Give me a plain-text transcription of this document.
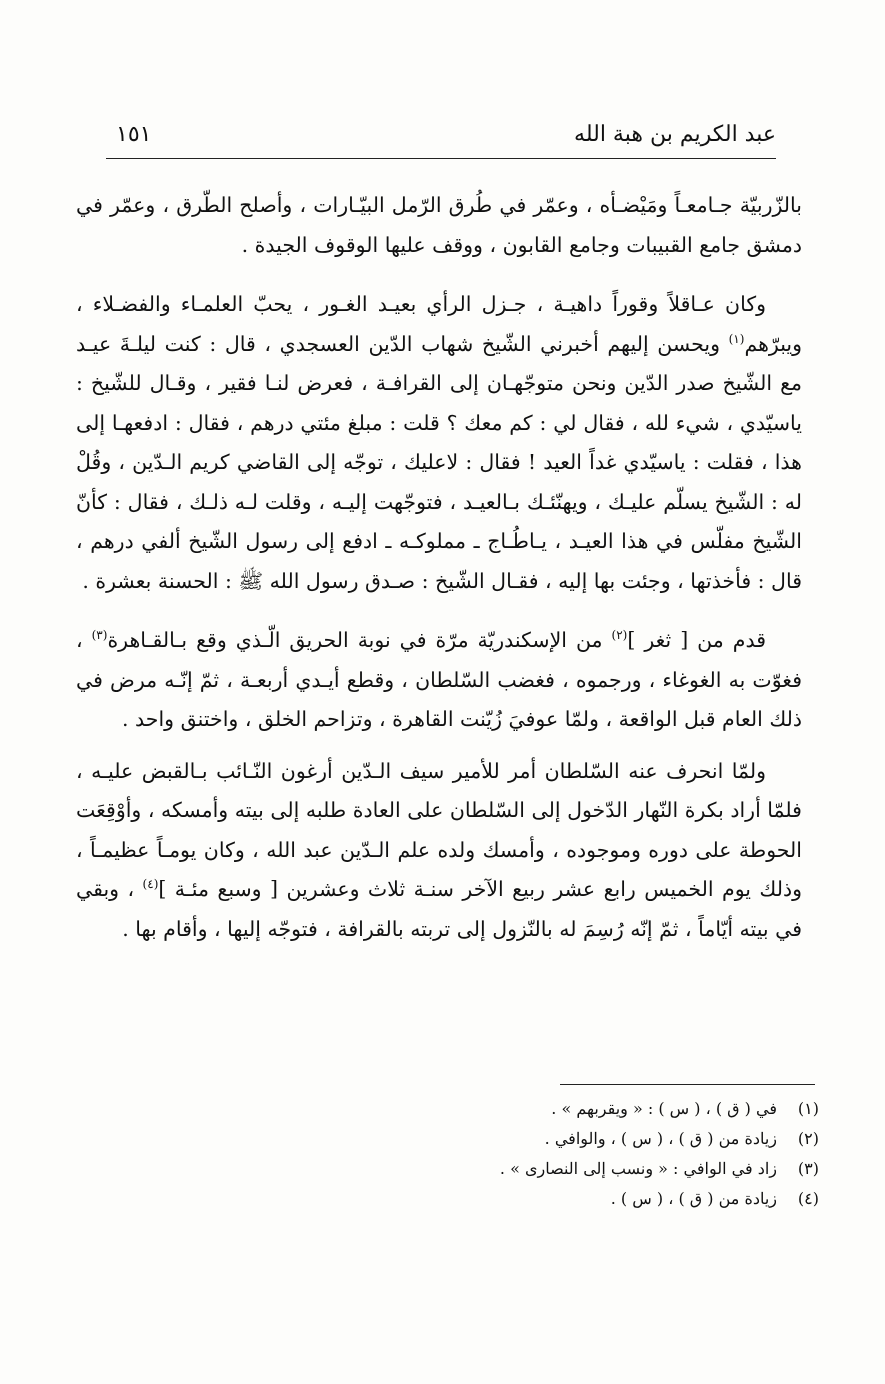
عبد الكريم بن هبة الله
١٥١

بالزّربيّة جـامعـاً ومَيْضـأه ، وعمّر في طُرق الرّمل البيّـارات ، وأصلح الطّرق ، وعمّر في دمشق جامع القبيبات وجامع القابون ، ووقف عليها الوقوف الجيدة .

وكان عـاقلاً وقوراً داهيـة ، جـزل الرأي بعيـد الغـور ، يحبّ العلمـاء والفضـلاء ، ويبرّهم$^{(١)}$ ويحسن إليهم أخبرني الشّيخ شهاب الدّين العسجدي ، قال : كنت ليلـةَ عيـد مع الشّيخ صدر الدّين ونحن متوجّهـان إلى القرافـة ، فعرض لنـا فقير ، وقـال للشّيخ : ياسيّدي ، شيء لله ، فقال لي : كم معك ؟ قلت : مبلغ مئتي درهم ، فقال : ادفعهـا إلى هذا ، فقلت : ياسيّدي غداً العيد ! فقال : لاعليك ، توجّه إلى القاضي كريم الـدّين ، وقُلْ له : الشّيخ يسلّم عليـك ، ويهنّئـك بـالعيـد ، فتوجّهت إليـه ، وقلت لـه ذلـك ، فقال : كأنّ الشّيخ مفلّس في هذا العيـد ، يـاطُـاج ـ مملوكـه ـ ادفع إلى رسول الشّيخ ألفي درهم ، قال : فأخذتها ، وجئت بها إليه ، فقـال الشّيخ : صـدق رسول الله ﷺ : الحسنة بعشرة .

قدم من [ ثغر ]$^{(٢)}$ من الإسكندريّة مرّة في نوبة الحريق الّـذي وقع بـالقـاهرة$^{(٣)}$ ، فغوّت به الغوغاء ، ورجموه ، فغضب السّلطان ، وقطع أيـدي أربعـة ، ثمّ إنّـه مرض في ذلك العام قبل الواقعة ، ولمّا عوفيَ زُيّنت القاهرة ، وتزاحم الخلق ، واختنق واحد .

ولمّا انحرف عنه السّلطان أمر للأمير سيف الـدّين أرغون النّـائب بـالقبض عليـه ، فلمّا أراد بكرة النّهار الدّخول إلى السّلطان على العادة طلبه إلى بيته وأمسكه ، وأوْقِعَت الحوطة على دوره وموجوده ، وأمسك ولده علم الـدّين عبد الله ، وكان يومـاً عظيمـاً ، وذلك يوم الخميس رابع عشر ربيع الآخر سنـة ثلاث وعشرين [ وسبع مئـة ]$^{(٤)}$ ، وبقي في بيته أيّاماً ، ثمّ إنّه رُسِمَ له بالنّزول إلى تربته بالقرافة ، فتوجّه إليها ، وأقام بها .

(١)
في ( ق ) ، ( س ) : « ويقربهم » .
(٢)
زيادة من ( ق ) ، ( س ) ، والوافي .
(٣)
زاد في الوافي : « ونسب إلى النصارى » .
(٤)
زيادة من ( ق ) ، ( س ) .
